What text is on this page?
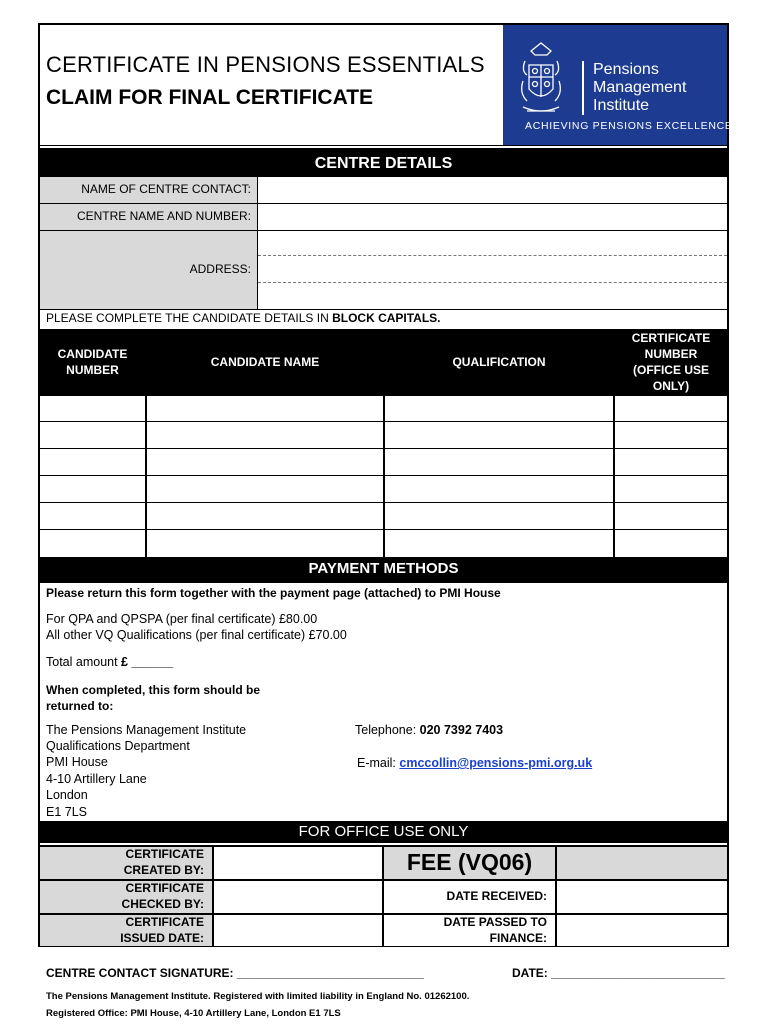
CERTIFICATE IN PENSIONS ESSENTIALS
CLAIM FOR FINAL CERTIFICATE
Pensions
Management
Institute
ACHIEVING PENSIONS EXCELLENCE
CENTRE DETAILS
NAME OF CENTRE CONTACT:
CENTRE NAME AND NUMBER:
ADDRESS:
PLEASE COMPLETE THE CANDIDATE DETAILS IN BLOCK CAPITALS.
CANDIDATE NUMBER
CANDIDATE NAME	QUALIFICATION
CERTIFICATE NUMBER (OFFICE USE ONLY)
PAYMENT METHODS
Please return this form together with the payment page (attached) to PMI House
For QPA and QPSPA (per final certificate) £80.00
All other VQ Qualifications (per final certificate) £70.00
Total amount £ ______
When completed, this form should be
returned to:
The Pensions Management Institute
Qualifications Department
PMI House
4-10 Artillery Lane
London
E1 7LS
Telephone: 020 7392 7403
E-mail: cmccollin@pensions-pmi.org.uk
FOR OFFICE USE ONLY
CERTIFICATE
CREATED BY:
CERTIFICATE
CHECKED BY:
CERTIFICATE
ISSUED DATE:
FEE (VQ06)
DATE RECEIVED:
DATE PASSED TO
FINANCE:
CENTRE CONTACT SIGNATURE: ____________________________	DATE: __________________________
The Pensions Management Institute. Registered with limited liability in England No. 01262100.
Registered Office: PMI House, 4-10 Artillery Lane, London E1 7LS
